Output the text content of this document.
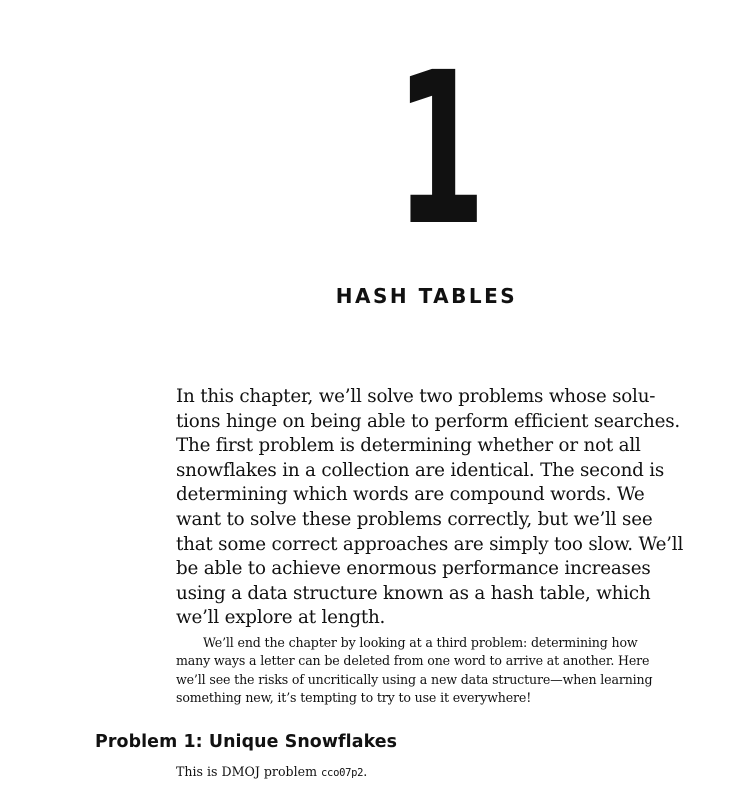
1
HASH TABLES

In this chapter, we’ll solve two problems whose solu-
tions hinge on being able to perform efficient searches.
The first problem is determining whether or not all
snowflakes in a collection are identical. The second is
determining which words are compound words. We
want to solve these problems correctly, but we’ll see
that some correct approaches are simply too slow. We’ll
be able to achieve enormous performance increases
using a data structure known as a hash table, which
we’ll explore at length.

We’ll end the chapter by looking at a third problem: determining how
many ways a letter can be deleted from one word to arrive at another. Here
we’ll see the risks of uncritically using a new data structure—when learning
something new, it’s tempting to try to use it everywhere!

Problem 1: Unique Snowflakes

This is DMOJ problem cco07p2.
